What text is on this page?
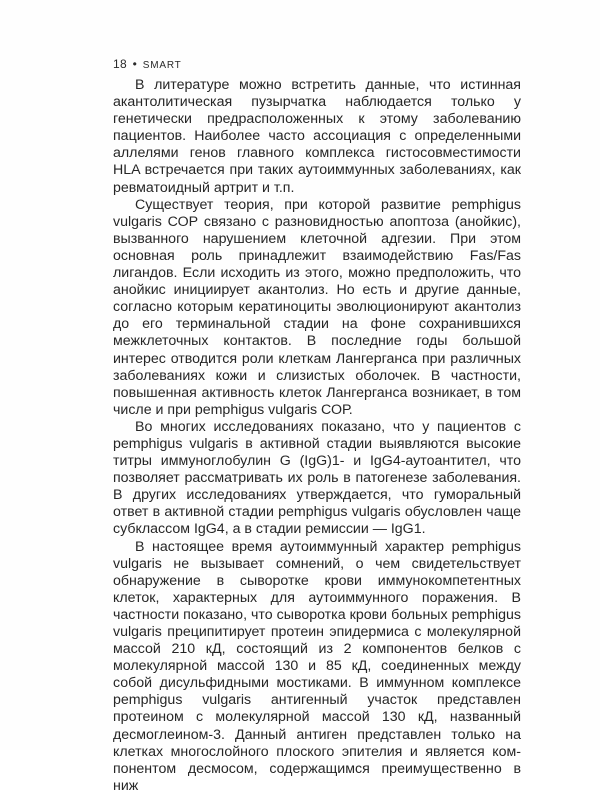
18 • SMART

В литературе можно встретить данные, что истинная акантолитическая пузырчатка наблюдается только у генетически предрасположенных к этому заболеванию пациентов. Наиболее часто ассоциация с определенными аллелями генов главного комплекса гистосовместимости HLA встречается при таких аутоиммунных заболеваниях, как ревматоидный артрит и т.п.

Существует теория, при которой развитие pemphigus vulgaris СОР связано с разновидностью апоптоза (анойкис), вызванного нарушением клеточной адгезии. При этом основная роль принадлежит взаимодействию Fas/Fas лигандов. Если исходить из этого, можно предположить, что анойкис инициирует акантолиз. Но есть и другие данные, согласно которым кератиноциты эволюционируют акантолиз до его терминальной стадии на фоне сохранившихся межклеточных контактов. В последние годы большой интерес отводится роли клеткам Лангерганса при различных заболеваниях кожи и слизистых оболочек. В частности, повышенная активность клеток Лангерганса возникает, в том числе и при pemphigus vulgaris СОР.

Во многих исследованиях показано, что у пациентов с pemphigus vulgaris в активной стадии выявляются высокие титры иммуноглобулин G (IgG)1- и IgG4-аутоантител, что позволяет рассматривать их роль в патогенезе заболевания. В других исследованиях утверждается, что гуморальный ответ в активной стадии pemphigus vulgaris обусловлен чаще субклассом IgG4, а в стадии ремиссии — IgG1.

В настоящее время аутоиммунный характер pemphigus vulgaris не вызывает сомнений, о чем свидетельствует обнаружение в сыворотке крови иммунокомпетентных клеток, характерных для аутоиммунного поражения. В частности показано, что сыворотка крови больных pemphigus vulgaris преципитирует протеин эпидермиса с молекулярной массой 210 кД, состоящий из 2 компонентов белков с молекулярной массой 130 и 85 кД, соединенных между собой дисульфидными мостиками. В иммунном комплексе pemphigus vulgaris антигенный участок представлен протеином с молекулярной массой 130 кД, названный десмоглеином-3. Данный антиген представлен только на клетках многослойного плоского эпителия и является компонентом десмосом, содержащимся преимущественно в ниж
